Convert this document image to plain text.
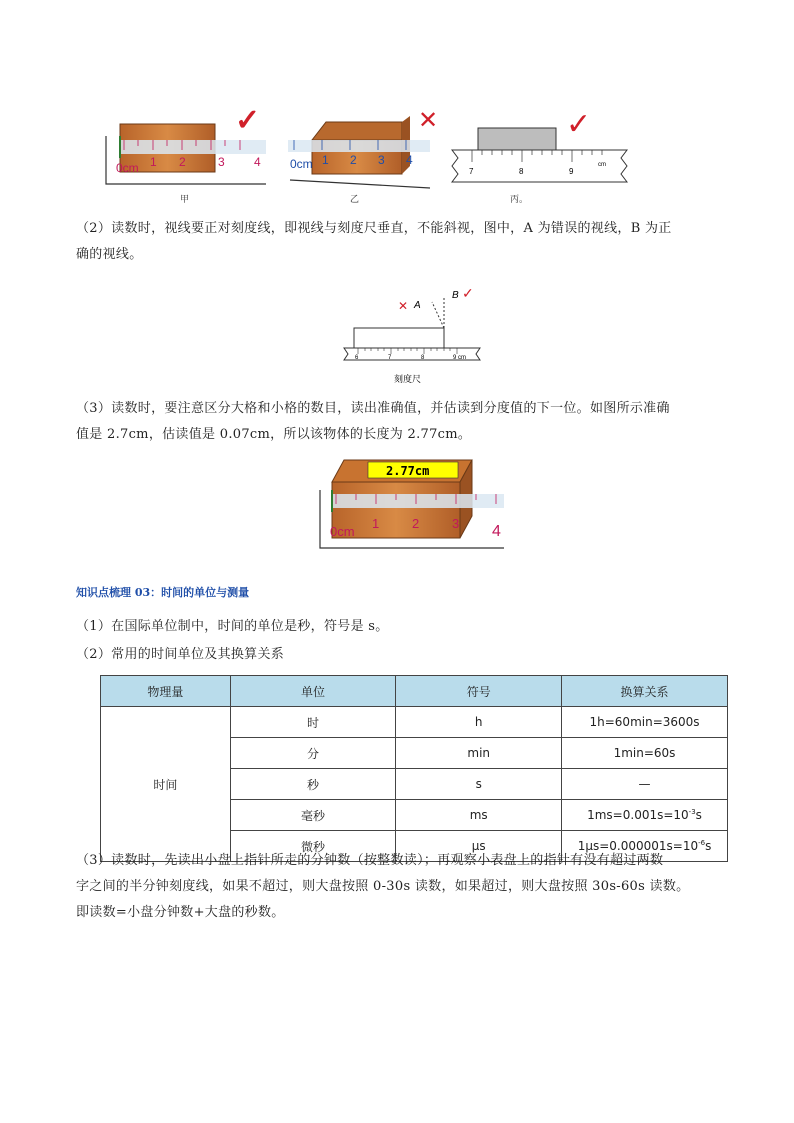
0cm 1 2	3 4
✓
甲
0cm 1 2 3 4
✕
乙
7	8	9
cm
✓
丙。
（2）读数时，视线要正对刻度线，即视线与刻度尺垂直，不能斜视，图中，A 为错误的视线，B 为正
确的视线。
6	7	8	9 cm
✕ A
B ✓
刻度尺
（3）读数时，要注意区分大格和小格的数目，读出准确值，并估读到分度值的下一位。如图所示准确
值是 2.7cm，估读值是 0.07cm，所以该物体的长度为 2.77cm。
2.77cm
0cm
1	2	3 4
知识点梳理 03：时间的单位与测量
（1）在国际单位制中，时间的单位是秒，符号是 s。
（2）常用的时间单位及其换算关系
物理量	单位	符号	换算关系
时间	时	h	1h=60min=3600s
	分	min	1min=60s
	秒	s	—
	毫秒	ms	$1ms=0.001s=10^{-3}s$
	微秒	μs	$1\mu s=0.000001s=10^{-6}s$
（3）读数时，先读出小盘上指针所走的分钟数（按整数读）；再观察小表盘上的指针有没有超过两数
字之间的半分钟刻度线，如果不超过，则大盘按照 0-30s 读数，如果超过，则大盘按照 30s-60s 读数。
即读数=小盘分钟数+大盘的秒数。
